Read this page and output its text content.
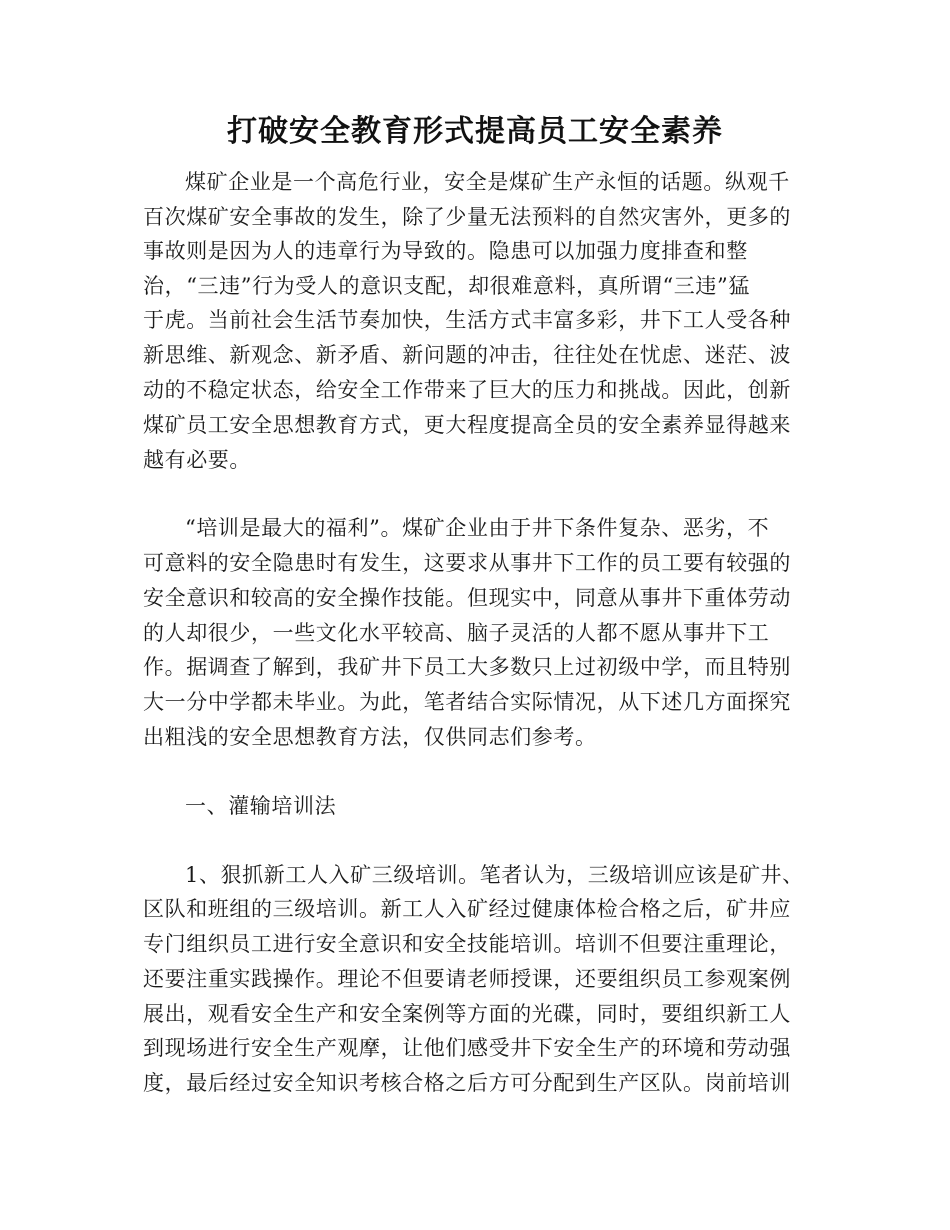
打破安全教育形式提高员工安全素养
煤矿企业是一个高危行业，安全是煤矿生产永恒的话题。纵观千
百次煤矿安全事故的发生，除了少量无法预料的自然灾害外，更多的
事故则是因为人的违章行为导致的。隐患可以加强力度排查和整
治，“三违”行为受人的意识支配，却很难意料，真所谓“三违”猛
于虎。当前社会生活节奏加快，生活方式丰富多彩，井下工人受各种
新思维、新观念、新矛盾、新问题的冲击，往往处在忧虑、迷茫、波
动的不稳定状态，给安全工作带来了巨大的压力和挑战。因此，创新
煤矿员工安全思想教育方式，更大程度提高全员的安全素养显得越来
越有必要。
“培训是最大的福利”。煤矿企业由于井下条件复杂、恶劣，不
可意料的安全隐患时有发生，这要求从事井下工作的员工要有较强的
安全意识和较高的安全操作技能。但现实中，同意从事井下重体劳动
的人却很少，一些文化水平较高、脑子灵活的人都不愿从事井下工
作。据调查了解到，我矿井下员工大多数只上过初级中学，而且特别
大一分中学都未毕业。为此，笔者结合实际情况，从下述几方面探究
出粗浅的安全思想教育方法，仅供同志们参考。
一、灌输培训法
1、狠抓新工人入矿三级培训。笔者认为，三级培训应该是矿井、
区队和班组的三级培训。新工人入矿经过健康体检合格之后，矿井应
专门组织员工进行安全意识和安全技能培训。培训不但要注重理论，
还要注重实践操作。理论不但要请老师授课，还要组织员工参观案例
展出，观看安全生产和安全案例等方面的光碟，同时，要组织新工人
到现场进行安全生产观摩，让他们感受井下安全生产的环境和劳动强
度，最后经过安全知识考核合格之后方可分配到生产区队。岗前培训
